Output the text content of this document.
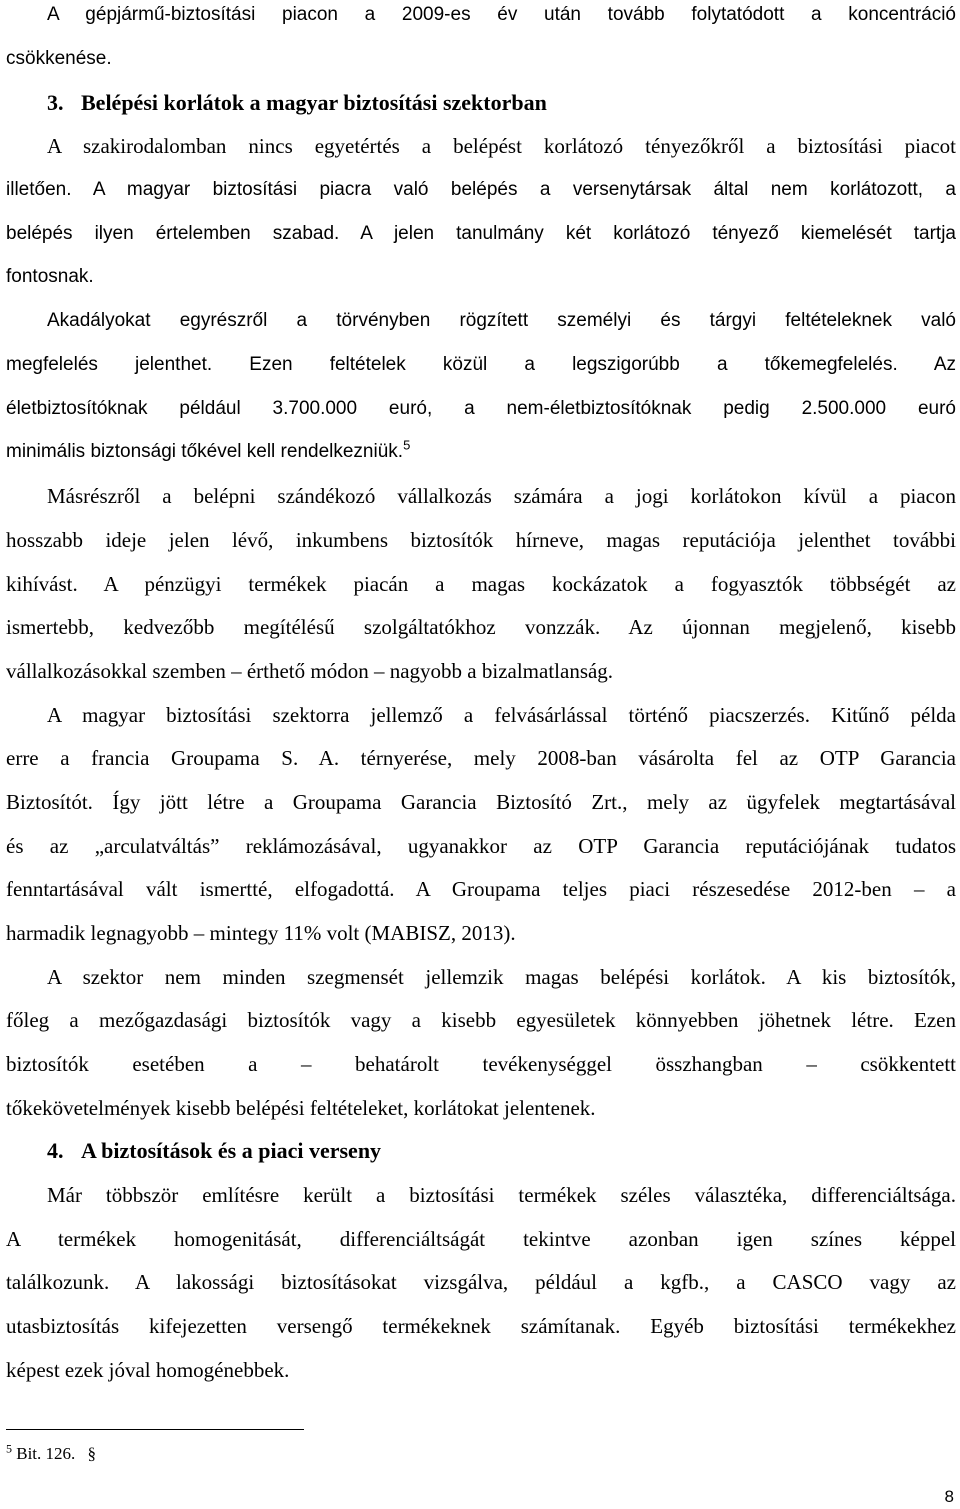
A gépjármű-biztosítási piacon a 2009-es év után tovább folytatódott a koncentráció

csökkenése.

3. Belépési korlátok a magyar biztosítási szektorban

A szakirodalomban nincs egyetértés a belépést korlátozó tényezőkről a biztosítási piacot

illetően. A magyar biztosítási piacra való belépés a versenytársak által nem korlátozott, a

belépés ilyen értelemben szabad. A jelen tanulmány két korlátozó tényező kiemelését tartja

fontosnak.

Akadályokat egyrészről a törvényben rögzített személyi és tárgyi feltételeknek való

megfelelés jelenthet. Ezen feltételek közül a legszigorúbb a tőkemegfelelés. Az

életbiztosítóknak például 3.700.000 euró, a nem-életbiztosítóknak pedig 2.500.000 euró

minimális biztonsági tőkével kell rendelkezniük.$^5$

Másrészről a belépni szándékozó vállalkozás számára a jogi korlátokon kívül a piacon

hosszabb ideje jelen lévő, inkumbens biztosítók hírneve, magas reputációja jelenthet további

kihívást. A pénzügyi termékek piacán a magas kockázatok a fogyasztók többségét az

ismertebb, kedvezőbb megítélésű szolgáltatókhoz vonzzák. Az újonnan megjelenő, kisebb

vállalkozásokkal szemben – érthető módon – nagyobb a bizalmatlanság.

A magyar biztosítási szektorra jellemző a felvásárlással történő piacszerzés. Kitűnő példa

erre a francia Groupama S. A. térnyerése, mely 2008-ban vásárolta fel az OTP Garancia

Biztosítót. Így jött létre a Groupama Garancia Biztosító Zrt., mely az ügyfelek megtartásával

és az „arculatváltás” reklámozásával, ugyanakkor az OTP Garancia reputációjának tudatos

fenntartásával vált ismertté, elfogadottá. A Groupama teljes piaci részesedése 2012-ben – a

harmadik legnagyobb – mintegy 11% volt (MABISZ, 2013).

A szektor nem minden szegmensét jellemzik magas belépési korlátok. A kis biztosítók,

főleg a mezőgazdasági biztosítók vagy a kisebb egyesületek könnyebben jöhetnek létre. Ezen

biztosítók esetében a – behatárolt tevékenységgel összhangban – csökkentett

tőkekövetelmények kisebb belépési feltételeket, korlátokat jelentenek.

4. A biztosítások és a piaci verseny

Már többször említésre került a biztosítási termékek széles választéka, differenciáltsága.

A termékek homogenitását, differenciáltságát tekintve azonban igen színes képpel

találkozunk. A lakossági biztosításokat vizsgálva, például a kgfb., a CASCO vagy az

utasbiztosítás kifejezetten versengő termékeknek számítanak. Egyéb biztosítási termékekhez

képest ezek jóval homogénebbek.

$^5$ Bit. 126. §
8
